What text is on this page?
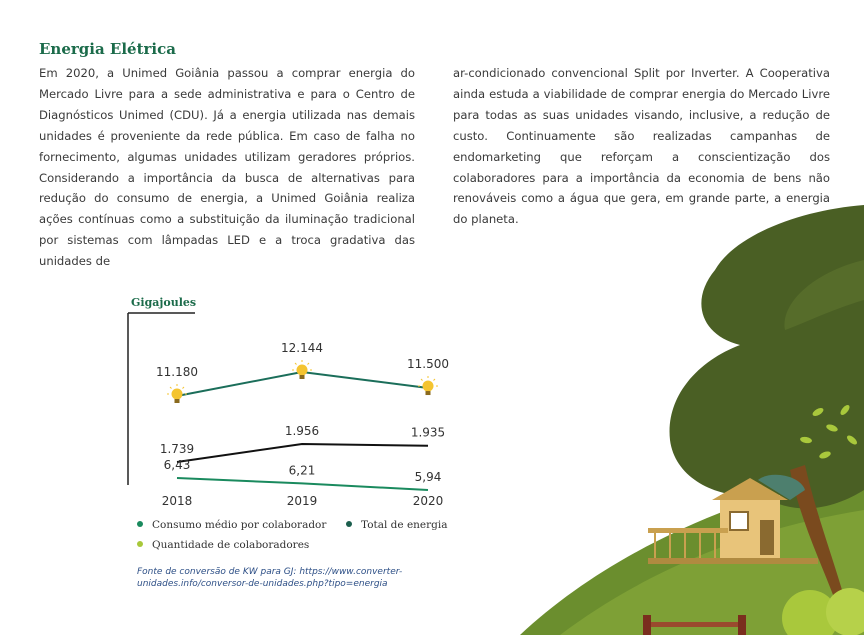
Energia Elétrica

Em 2020, a Unimed Goiânia passou a comprar energia do Mercado Livre para a sede administrativa e para o Centro de Diagnósticos Unimed (CDU). Já a energia utilizada nas demais unidades é proveniente da rede pública. Em caso de falha no fornecimento, algumas unidades utilizam geradores próprios. Considerando a importância da busca de alternativas para redução do consumo de energia, a Unimed Goiânia realiza ações contínuas como a substituição da iluminação tradicional por sistemas com lâmpadas LED e a troca gradativa das unidades de

ar-condicionado convencional Split por Inverter. A Cooperativa ainda estuda a viabilidade de comprar energia do Mercado Livre para todas as suas unidades visando, inclusive, a redução de custo. Continuamente são realizadas campanhas de endomarketing que reforçam a conscientização dos colaboradores para a importância da economia de bens não renováveis como a água que gera, em grande parte, a energia do planeta.

Gigajoules
11.180
12.144
11.500
1.739
1.956	1.935
6,43	6,21	5,94
2018	2019	2020
Consumo médio por colaborador	Total de energia
Quantidade de colaboradores
Fonte de conversão de KW para GJ: https://www.converter-unidades.info/conversor-de-unidades.php?tipo=energia
